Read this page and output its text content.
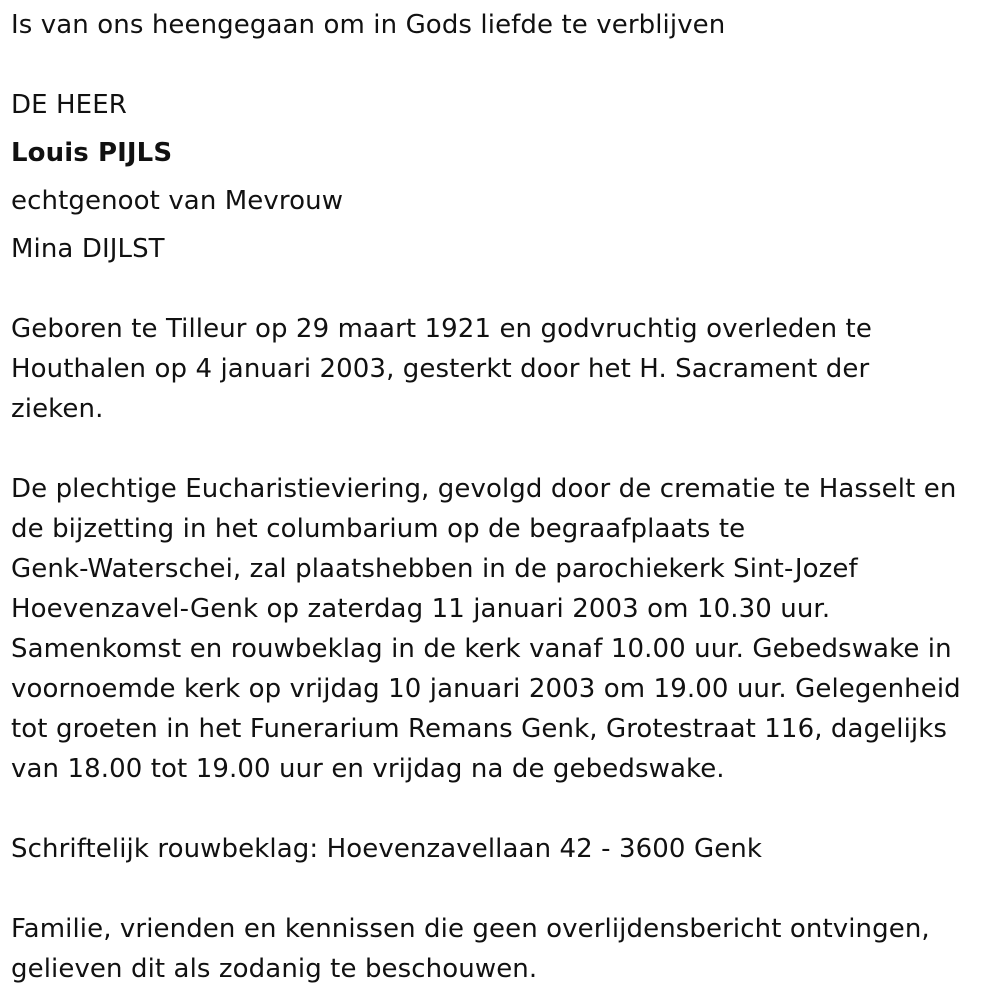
Is van ons heengegaan om in Gods liefde te verblijven
DE HEER
Louis PIJLS
echtgenoot van Mevrouw
Mina DIJLST
Geboren te Tilleur op 29 maart 1921 en godvruchtig overleden te
Houthalen op 4 januari 2003, gesterkt door het H. Sacrament der
zieken.
De plechtige Eucharistieviering, gevolgd door de crematie te Hasselt en
de bijzetting in het columbarium op de begraafplaats te
Genk-Waterschei, zal plaatshebben in de parochiekerk Sint-Jozef
Hoevenzavel-Genk op zaterdag 11 januari 2003 om 10.30 uur.
Samenkomst en rouwbeklag in de kerk vanaf 10.00 uur. Gebedswake in
voornoemde kerk op vrijdag 10 januari 2003 om 19.00 uur. Gelegenheid
tot groeten in het Funerarium Remans Genk, Grotestraat 116, dagelijks
van 18.00 tot 19.00 uur en vrijdag na de gebedswake.
Schriftelijk rouwbeklag: Hoevenzavellaan 42 - 3600 Genk
Familie, vrienden en kennissen die geen overlijdensbericht ontvingen,
gelieven dit als zodanig te beschouwen.
